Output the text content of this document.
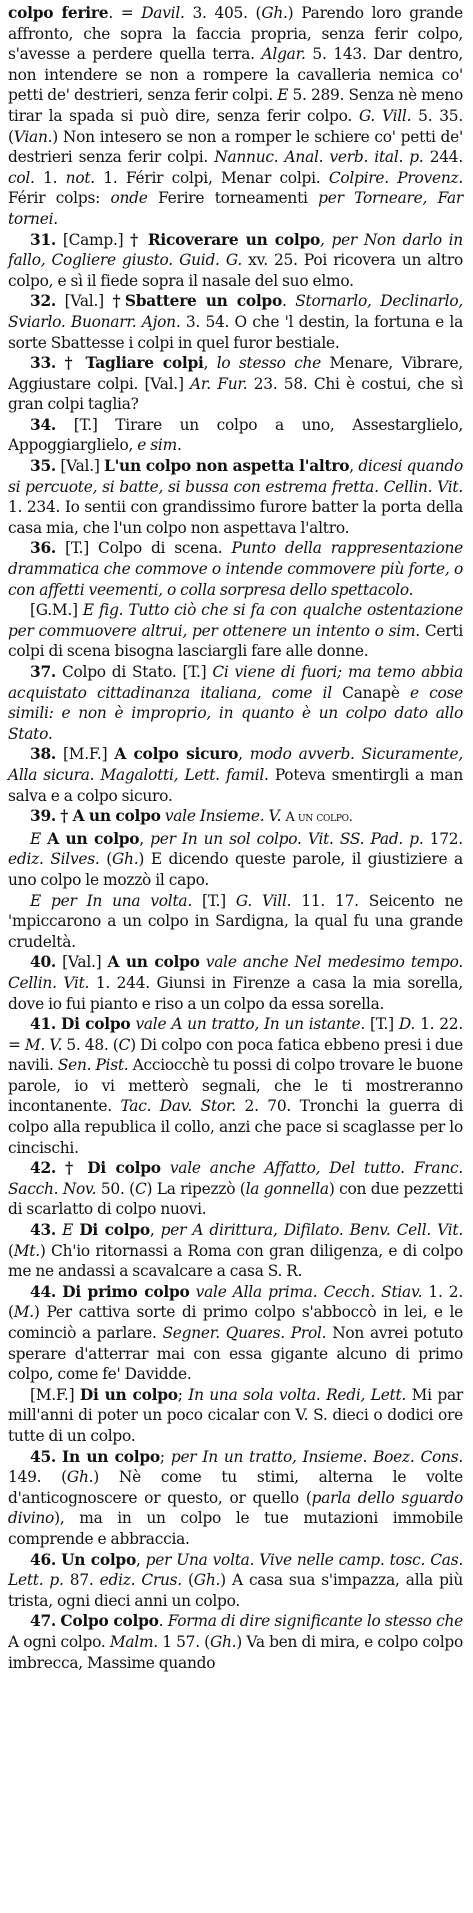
colpo ferire. = Davil. 3. 405. (Gh.) Parendo loro grande affronto, che sopra la faccia propria, senza ferir colpo, s'avesse a perdere quella terra. Algar. 5. 143. Dar dentro, non intendere se non a rompere la cavalleria nemica co' petti de' destrieri, senza ferir colpi. E 5. 289. Senza nè meno tirar la spada si può dire, senza ferir colpo. G. Vill. 5. 35. (Vian.) Non intesero se non a romper le schiere co' petti de' destrieri senza ferir colpi. Nannuc. Anal. verb. ital. p. 244. col. 1. not. 1. Férir colpi, Menar colpi. Colpire. Provenz. Férir colps: onde Ferire torneamenti per Torneare, Far tornei.

31. [Camp.] † Ricoverare un colpo, per Non darlo in fallo, Cogliere giusto. Guid. G. xv. 25. Poi ricovera un altro colpo, e sì il fiede sopra il nasale del suo elmo.

32. [Val.] †Sbattere un colpo. Stornarlo, Declinarlo, Sviarlo. Buonarr. Ajon. 3. 54. O che 'l destin, la fortuna e la sorte Sbattesse i colpi in quel furor bestiale.

33. † Tagliare colpi, lo stesso che Menare, Vibrare, Aggiustare colpi. [Val.] Ar. Fur. 23. 58. Chi è costui, che sì gran colpi taglia?

34. [T.] Tirare un colpo a uno, Assestarglielo, Appoggiarglielo, e sim.

35. [Val.] L'un colpo non aspetta l'altro, dicesi quando si percuote, si batte, si bussa con estrema fretta. Cellin. Vit. 1. 234. Io sentii con grandissimo furore batter la porta della casa mia, che l'un colpo non aspettava l'altro.

36. [T.] Colpo di scena. Punto della rappresentazione drammatica che commove o intende commovere più forte, o con affetti veementi, o colla sorpresa dello spettacolo.

[G.M.] E fig. Tutto ciò che si fa con qualche ostentazione per commuovere altrui, per ottenere un intento o sim. Certi colpi di scena bisogna lasciargli fare alle donne.

37. Colpo di Stato. [T.] Ci viene di fuori; ma temo abbia acquistato cittadinanza italiana, come il Canapè e cose simili: e non è improprio, in quanto è un colpo dato allo Stato.

38. [M.F.] A colpo sicuro, modo avverb. Sicuramente, Alla sicura. Magalotti, Lett. famil. Poteva smentirgli a man salva e a colpo sicuro.

39. † A un colpo vale Insieme. V. A un colpo.

E A un colpo, per In un sol colpo. Vit. SS. Pad. p. 172. ediz. Silves. (Gh.) E dicendo queste parole, il giustiziere a uno colpo le mozzò il capo.

E per In una volta. [T.] G. Vill. 11. 17. Seicento ne 'mpiccarono a un colpo in Sardigna, la qual fu una grande crudeltà.

40. [Val.] A un colpo vale anche Nel medesimo tempo. Cellin. Vit. 1. 244. Giunsi in Firenze a casa la mia sorella, dove io fui pianto e riso a un colpo da essa sorella.

41. Di colpo vale A un tratto, In un istante. [T.] D. 1. 22. = M. V. 5. 48. (C) Di colpo con poca fatica ebbeno presi i due navili. Sen. Pist. Acciocchè tu possi di colpo trovare le buone parole, io vi metterò segnali, che le ti mostreranno incontanente. Tac. Dav. Stor. 2. 70. Tronchi la guerra di colpo alla republica il collo, anzi che pace si scaglasse per lo cincischi.

42. † Di colpo vale anche Affatto, Del tutto. Franc. Sacch. Nov. 50. (C) La ripezzò (la gonnella) con due pezzetti di scarlatto di colpo nuovi.

43. E Di colpo, per A dirittura, Difilato. Benv. Cell. Vit. (Mt.) Ch'io ritornassi a Roma con gran diligenza, e di colpo me ne andassi a scavalcare a casa S. R.

44. Di primo colpo vale Alla prima. Cecch. Stiav. 1. 2. (M.) Per cattiva sorte di primo colpo s'abboccò in lei, e le cominciò a parlare. Segner. Quares. Prol. Non avrei potuto sperare d'atterrar mai con essa gigante alcuno di primo colpo, come fe' Davidde.

[M.F.] Di un colpo; In una sola volta. Redi, Lett. Mi par mill'anni di poter un poco cicalar con V. S. dieci o dodici ore tutte di un colpo.

45. In un colpo; per In un tratto, Insieme. Boez. Cons. 149. (Gh.) Nè come tu stimi, alterna le volte d'anticognoscere or questo, or quello (parla dello sguardo divino), ma in un colpo le tue mutazioni immobile comprende e abbraccia.

46. Un colpo, per Una volta. Vive nelle camp. tosc. Cas. Lett. p. 87. ediz. Crus. (Gh.) A casa sua s'impazza, alla più trista, ogni dieci anni un colpo.

47. Colpo colpo. Forma di dire significante lo stesso che A ogni colpo. Malm. 1 57. (Gh.) Va ben di mira, e colpo colpo imbrecca, Massime quando
